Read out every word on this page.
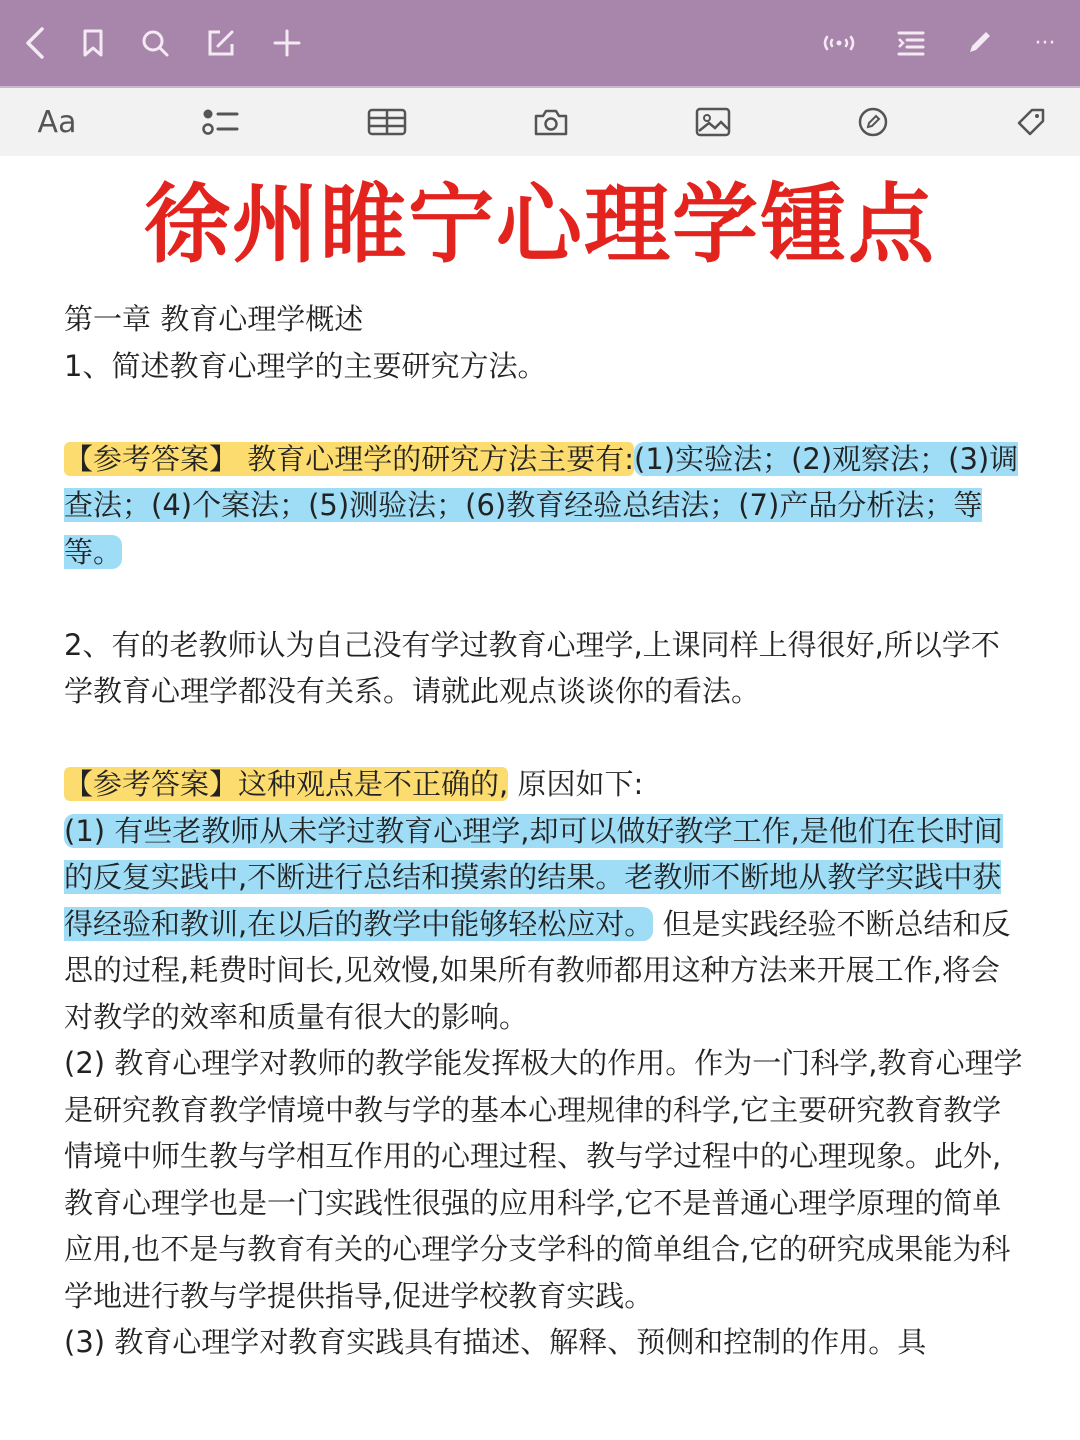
···
Aa
徐州睢宁心理学锺点

第一章 教育心理学概述

1、简述教育心理学的主要研究方法。

【参考答案】 教育心理学的研究方法主要有:(1)实验法；(2)观察法；(3)调查法；(4)个案法；(5)测验法；(6)教育经验总结法；(7)产品分析法；等等。

2、有的老教师认为自己没有学过教育心理学,上课同样上得很好,所以学不学教育心理学都没有关系。请就此观点谈谈你的看法。

【参考答案】这种观点是不正确的, 原因如下:

(1) 有些老教师从未学过教育心理学,却可以做好教学工作,是他们在长时间的反复实践中,不断进行总结和摸索的结果。老教师不断地从教学实践中获得经验和教训,在以后的教学中能够轻松应对。 但是实践经验不断总结和反思的过程,耗费时间长,见效慢,如果所有教师都用这种方法来开展工作,将会对教学的效率和质量有很大的影响。

(2) 教育心理学对教师的教学能发挥极大的作用。作为一门科学,教育心理学是研究教育教学情境中教与学的基本心理规律的科学,它主要研究教育教学情境中师生教与学相互作用的心理过程、教与学过程中的心理现象。此外,教育心理学也是一门实践性很强的应用科学,它不是普通心理学原理的简单应用,也不是与教育有关的心理学分支学科的简单组合,它的研究成果能为科学地进行教与学提供指导,促进学校教育实践。

(3) 教育心理学对教育实践具有描述、解释、预侧和控制的作用。具
